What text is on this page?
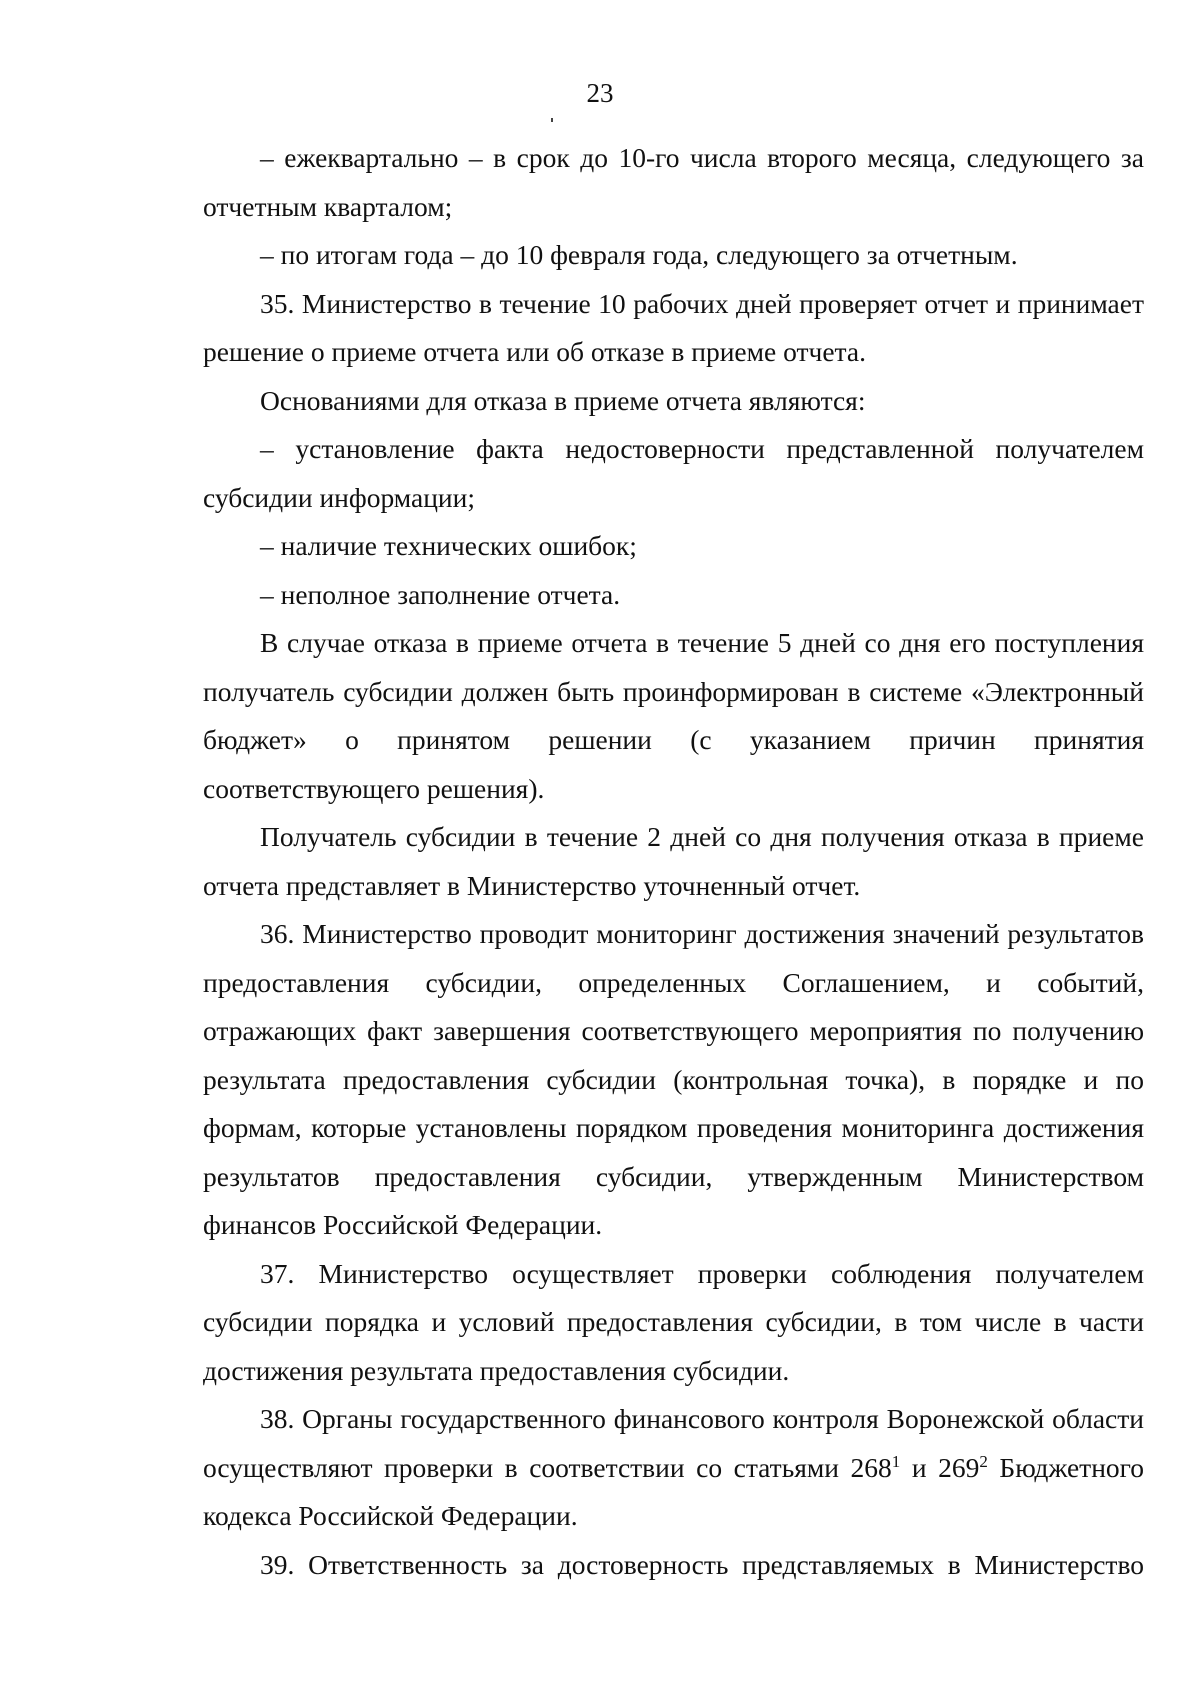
23

– ежеквартально – в срок до 10-го числа второго месяца, следующего за отчетным кварталом;

– по итогам года – до 10 февраля года, следующего за отчетным.

35. Министерство в течение 10 рабочих дней проверяет отчет и принимает решение о приеме отчета или об отказе в приеме отчета.

Основаниями для отказа в приеме отчета являются:

– установление факта недостоверности представленной получателем субсидии информации;

– наличие технических ошибок;

– неполное заполнение отчета.

В случае отказа в приеме отчета в течение 5 дней со дня его поступления получатель субсидии должен быть проинформирован в системе «Электронный бюджет» о принятом решении (с указанием причин принятия соответствующего решения).

Получатель субсидии в течение 2 дней со дня получения отказа в приеме отчета представляет в Министерство уточненный отчет.

36. Министерство проводит мониторинг достижения значений результатов предоставления субсидии, определенных Соглашением, и событий, отражающих факт завершения соответствующего мероприятия по получению результата предоставления субсидии (контрольная точка), в порядке и по формам, которые установлены порядком проведения мониторинга достижения результатов предоставления субсидии, утвержденным Министерством финансов Российской Федерации.

37. Министерство осуществляет проверки соблюдения получателем субсидии порядка и условий предоставления субсидии, в том числе в части достижения результата предоставления субсидии.

38. Органы государственного финансового контроля Воронежской области осуществляют проверки в соответствии со статьями $268^1$ и $269^2$ Бюджетного кодекса Российской Федерации.

39. Ответственность за достоверность представляемых в Министерство
